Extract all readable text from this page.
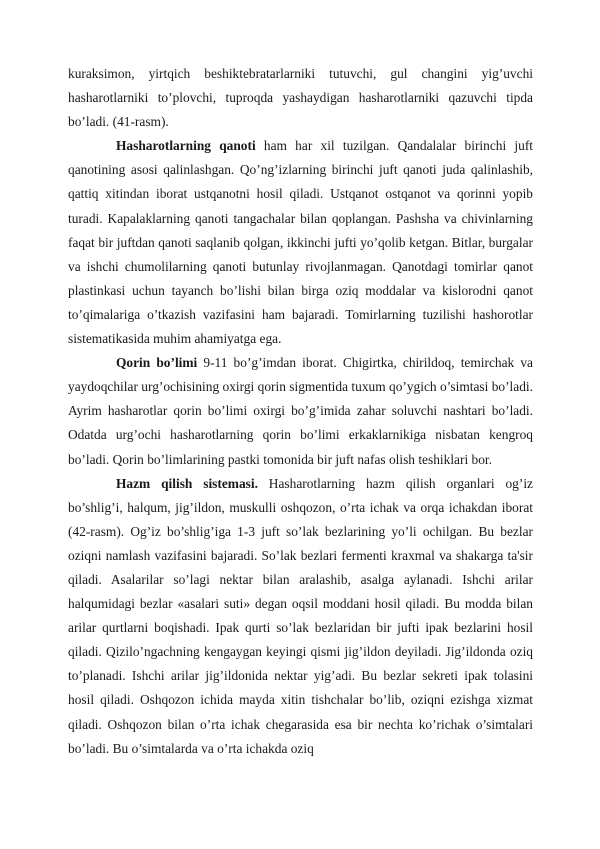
kuraksimon, yirtqich beshiktebratarlarniki tutuvchi, gul changini yig’uvchi hasharotlarniki to’plovchi, tuproqda yashaydigan hasharotlarniki qazuvchi tipda bo’ladi. (41-rasm).

Hasharotlarning qanoti ham har xil tuzilgan. Qandalalar birinchi juft qanotining asosi qalinlashgan. Qo’ng’izlarning birinchi juft qanoti juda qalinlashib, qattiq xitindan iborat ustqanotni hosil qiladi. Ustqanot ostqanot va qorinni yopib turadi. Kapalaklarning qanoti tangachalar bilan qoplangan. Pashsha va chivinlarning faqat bir juftdan qanoti saqlanib qolgan, ikkinchi jufti yo’qolib ketgan. Bitlar, burgalar va ishchi chumolilarning qanoti butunlay rivojlanmagan. Qanotdagi tomirlar qanot plastinkasi uchun tayanch bo’lishi bilan birga oziq moddalar va kislorodni qanot to’qimalariga o’tkazish vazifasini ham bajaradi. Tomirlarning tuzilishi hashorotlar sistematikasida muhim ahamiyatga ega.

Qorin bo’limi 9-11 bo’g’imdan iborat. Chigirtka, chirildoq, temirchak va yaydoqchilar urg’ochisining oxirgi qorin sigmentida tuxum qo’ygich o’simtasi bo’ladi. Ayrim hasharotlar qorin bo’limi oxirgi bo’g’imida zahar soluvchi nashtari bo’ladi. Odatda urg’ochi hasharotlarning qorin bo’limi erkaklarnikiga nisbatan kengroq bo’ladi. Qorin bo’limlarining pastki tomonida bir juft nafas olish teshiklari bor.

Hazm qilish sistemasi. Hasharotlarning hazm qilish organlari og’iz bo’shlig’i, halqum, jig’ildon, muskulli oshqozon, o’rta ichak va orqa ichakdan iborat (42-rasm). Og’iz bo’shlig’iga 1-3 juft so’lak bezlarining yo’li ochilgan. Bu bezlar oziqni namlash vazifasini bajaradi. So’lak bezlari fermenti kraxmal va shakarga ta'sir qiladi. Asalarilar so’lagi nektar bilan aralashib, asalga aylanadi. Ishchi arilar halqumidagi bezlar «asalari suti» degan oqsil moddani hosil qiladi. Bu modda bilan arilar qurtlarni boqishadi. Ipak qurti so’lak bezlaridan bir jufti ipak bezlarini hosil qiladi. Qizilo’ngachning kengaygan keyingi qismi jig’ildon deyiladi. Jig’ildonda oziq to’planadi. Ishchi arilar jig’ildonida nektar yig’adi. Bu bezlar sekreti ipak tolasini hosil qiladi. Oshqozon ichida mayda xitin tishchalar bo’lib, oziqni ezishga xizmat qiladi. Oshqozon bilan o’rta ichak chegarasida esa bir nechta ko’richak o’simtalari bo’ladi. Bu o’simtalarda va o’rta ichakda oziq
